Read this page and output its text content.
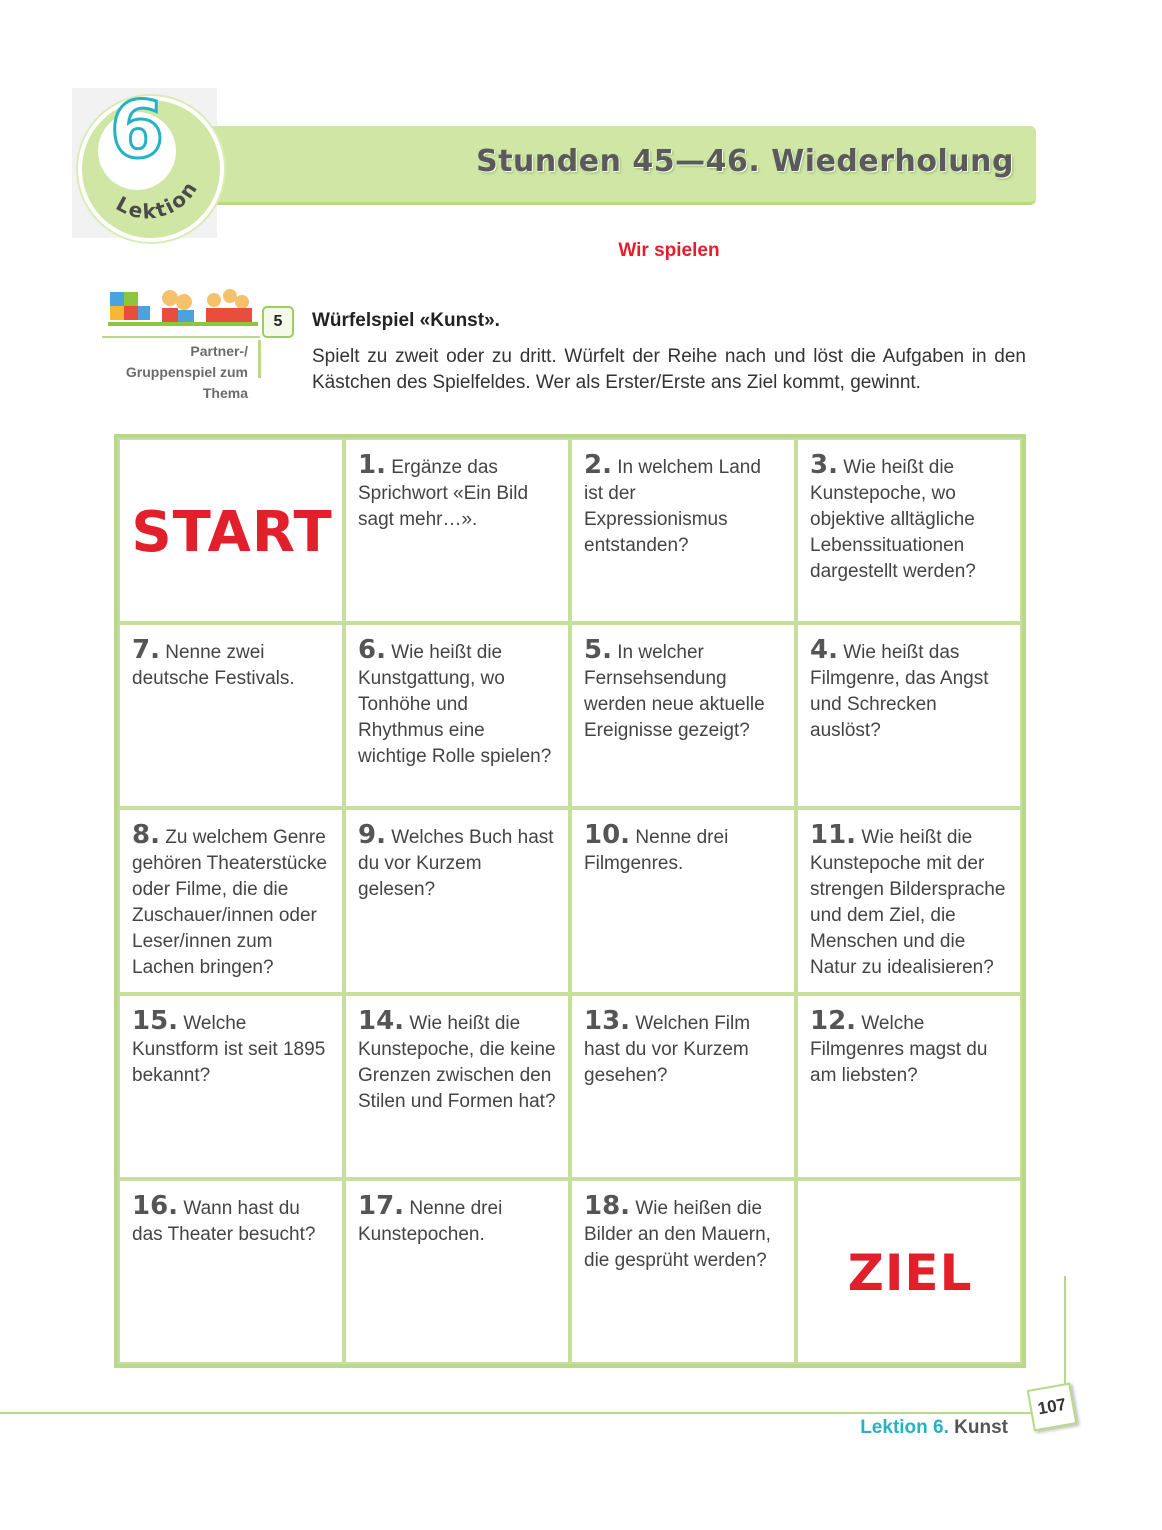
Stunden 45—46. Wiederholung
6
Lektion
Wir spielen
5
Partner-/
Gruppenspiel zum
Thema
Würfelspiel «Kunst».
Spielt zu zweit oder zu dritt. Würfelt der Reihe nach und löst die Aufgaben in den Kästchen des Spielfeldes. Wer als Erster/Erste ans Ziel kommt, gewinnt.
START
1. Ergänze das Sprichwort «Ein Bild sagt mehr…».
2. In welchem Land ist der Expressionismus entstanden?
3. Wie heißt die Kunstepoche, wo objektive alltägliche Lebenssituationen dargestellt werden?
7. Nenne zwei deutsche Festivals.
6. Wie heißt die Kunstgattung, wo Tonhöhe und Rhythmus eine wichtige Rolle spielen?
5. In welcher Fernsehsendung werden neue aktuelle Ereignisse gezeigt?
4. Wie heißt das Filmgenre, das Angst und Schrecken auslöst?
8. Zu welchem Genre gehören Theaterstücke oder Filme, die die Zuschauer/innen oder Leser/innen zum Lachen bringen?
9. Welches Buch hast du vor Kurzem gelesen?
10. Nenne drei Filmgenres.
11. Wie heißt die Kunstepoche mit der strengen Bildersprache und dem Ziel, die Menschen und die Natur zu idealisieren?
15. Welche Kunstform ist seit 1895 bekannt?
14. Wie heißt die Kunstepoche, die keine Grenzen zwischen den Stilen und Formen hat?
13. Welchen Film hast du vor Kurzem gesehen?
12. Welche Filmgenres magst du am liebsten?
16. Wann hast du das Theater besucht?
17. Nenne drei Kunstepochen.
18. Wie heißen die Bilder an den Mauern, die gesprüht werden?	ZIEL
107
Lektion 6. Kunst
